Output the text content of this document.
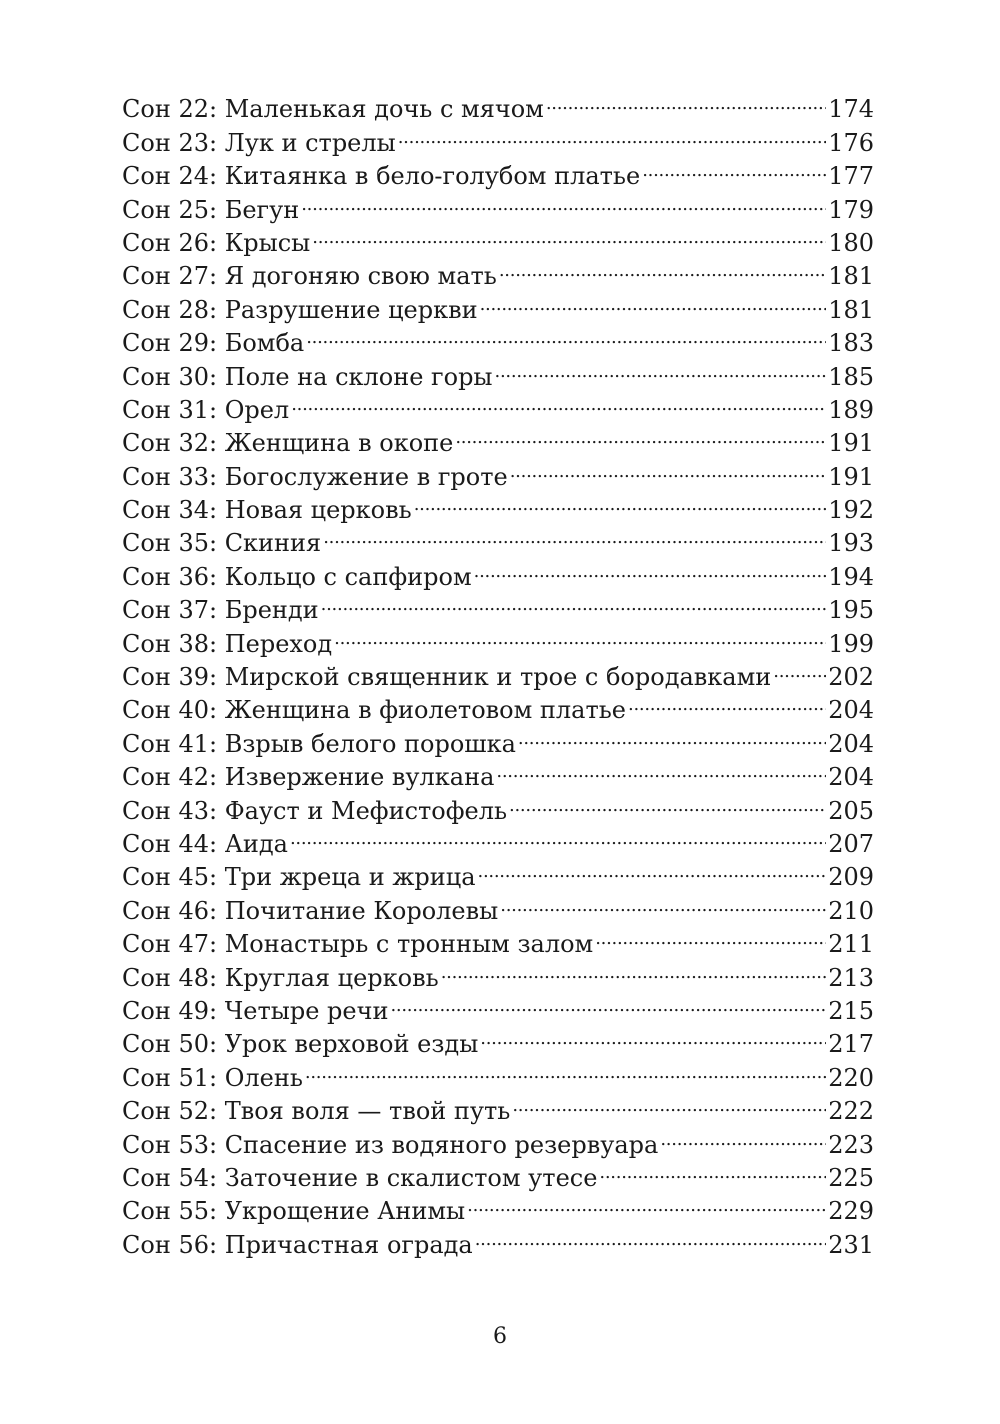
Сон 22: Маленькая дочь с мячом . . .	174
Сон 23: Лук и стрелы . . .	176
Сон 24: Китаянка в бело-голубом платье . . .	177
Сон 25: Бегун . . .	179
Сон 26: Крысы . . .	180
Сон 27: Я догоняю свою мать . . .	181
Сон 28: Разрушение церкви . . .	181
Сон 29: Бомба . . .	183
Сон 30: Поле на склоне горы . . .	185
Сон 31: Орел . . .	189
Сон 32: Женщина в окопе . . .	191
Сон 33: Богослужение в гроте . . .	191
Сон 34: Новая церковь . . .	192
Сон 35: Скиния . . .	193
Сон 36: Кольцо с сапфиром . . .	194
Сон 37: Бренди . . .	195
Сон 38: Переход . . .	199
Сон 39: Мирской священник и трое с бородавками . . . 202
Сон 40: Женщина в фиолетовом платье . . .	204
Сон 41: Взрыв белого порошка . . .	204
Сон 42: Извержение вулкана . . .	204
Сон 43: Фауст и Мефистофель . . .	205
Сон 44: Аида . . .	207
Сон 45: Три жреца и жрица . . .	209
Сон 46: Почитание Королевы . . .	210
Сон 47: Монастырь с тронным залом . . .	211
Сон 48: Круглая церковь . . .	213
Сон 49: Четыре речи . . .	215
Сон 50: Урок верховой езды . . .	217
Сон 51: Олень . . .	220
Сон 52: Твоя воля — твой путь . . .	222
Сон 53: Спасение из водяного резервуара . . .	223
Сон 54: Заточение в скалистом утесе . . .	225
Сон 55: Укрощение Анимы . . .	229
Сон 56: Причастная ограда . . .	231
6
